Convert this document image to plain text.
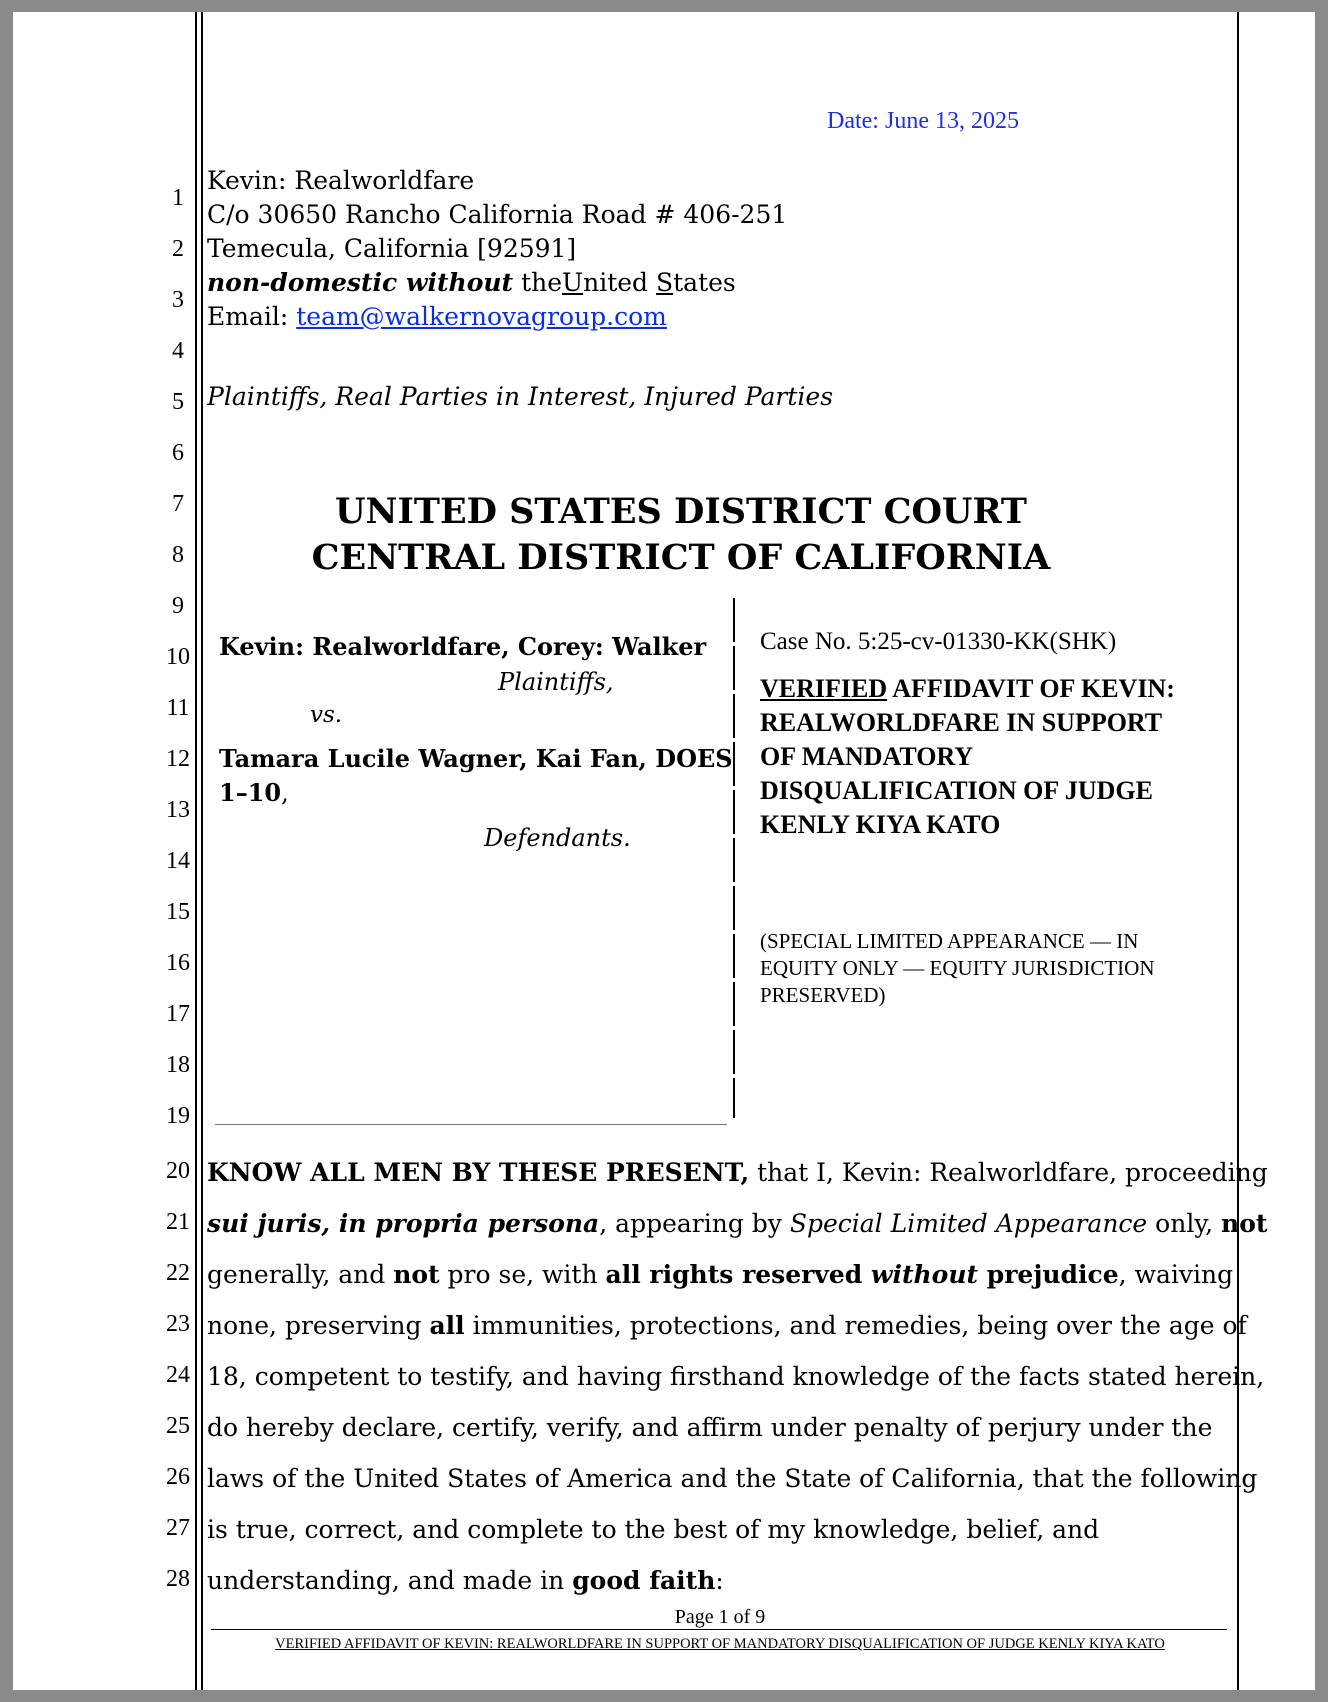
Date: June 13, 2025
1
2
3
4
5
6
7
8
9
10
11
12
13
14
15
16
17
18
19
20
21
22
23
24
25
26
27
28
Kevin: Realworldfare
C/o 30650 Rancho California Road # 406-251
Temecula, California [92591]
non-domestic without theUnited States
Email: team@walkernovagroup.com
Plaintiffs, Real Parties in Interest, Injured Parties
UNITED STATES DISTRICT COURT
CENTRAL DISTRICT OF CALIFORNIA
Kevin: Realworldfare, Corey: Walker
Plaintiffs,
vs.
Tamara Lucile Wagner, Kai Fan, DOES
1–10,
Defendants.
Case No. 5:25-cv-01330-KK(SHK)
VERIFIED AFFIDAVIT OF KEVIN:
REALWORLDFARE IN SUPPORT
OF MANDATORY
DISQUALIFICATION OF JUDGE
KENLY KIYA KATO
(SPECIAL LIMITED APPEARANCE — IN
EQUITY ONLY — EQUITY JURISDICTION
PRESERVED)
KNOW ALL MEN BY THESE PRESENT, that I, Kevin: Realworldfare, proceeding
sui juris, in propria persona, appearing by Special Limited Appearance only, not
generally, and not pro se, with all rights reserved without prejudice, waiving
none, preserving all immunities, protections, and remedies, being over the age of
18, competent to testify, and having firsthand knowledge of the facts stated herein,
do hereby declare, certify, verify, and affirm under penalty of perjury under the
laws of the United States of America and the State of California, that the following
is true, correct, and complete to the best of my knowledge, belief, and
understanding, and made in good faith:
Page 1 of 9
VERIFIED AFFIDAVIT OF KEVIN: REALWORLDFARE IN SUPPORT OF MANDATORY DISQUALIFICATION OF JUDGE KENLY KIYA KATO
